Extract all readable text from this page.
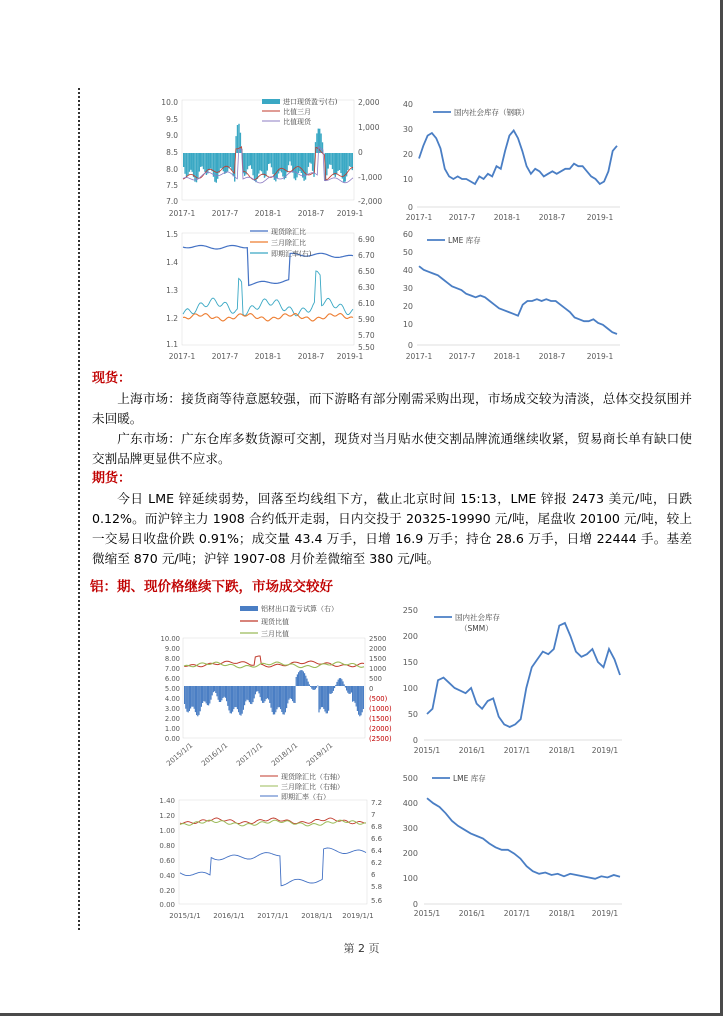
10.0
9.5
9.0
8.5
8.0
7.5
7.0
2,000
1,000
0
-1,000
-2,000
2017-1 2017-7 2018-1 2018-7 2019-1
进口现货盈亏(右)
比值三月
比值现货
40
30
20
10
0
2017-1 2017-7 2018-1 2018-7	2019-1
国内社会库存（钢联）
1.5
1.4
1.3
1.2
1.1
6.90
6.70
6.50
6.30
6.10
5.90
5.70
5.50
2017-1 2017-7 2018-1 2018-7 2019-1
现货除汇比
三月除汇比
即期汇率(右)
60
50
40
30
20
10
0
2017-1 2017-7 2018-1 2018-7	2019-1
LME 库存
现货：
上海市场：接货商等待意愿较强，而下游略有部分刚需采购出现，市场成交较为清淡，总体交投氛围并未回暖。
广东市场：广东仓库多数货源可交割，现货对当月贴水使交割品牌流通继续收紧，贸易商长单有缺口使交割品牌更显供不应求。
期货：
今日 LME 锌延续弱势，回落至均线组下方，截止北京时间 15:13，LME 锌报 2473 美元/吨，日跌 0.12%。而沪锌主力 1908 合约低开走弱，日内交投于 20325-19990 元/吨，尾盘收 20100 元/吨，较上一交易日收盘价跌 0.91%；成交量 43.4 万手，日增 16.9 万手；持仓 28.6 万手，日增 22444 手。基差微缩至 870 元/吨；沪锌 1907-08 月价差微缩至 380 元/吨。
铝：期、现价格继续下跌，市场成交较好
10.00
9.00
8.00
7.00
6.00
5.00
4.00
3.00
2.00
1.00
0.00
2500
2000
1500
1000
500
0
(500)
(1000)
(1500)
(2000)
(2500)
2015/1/1 2016/1/1 2017/1/1 2018/1/1 2019/1/1
铝材出口盈亏试算（右）
现货比值
三月比值
250
200
150
100
50
0
2015/1 2016/1 2017/1 2018/1 2019/1
国内社会库存
（SMM）
1.40
1.20
1.00
0.80
0.60
0.40
0.20
0.00
7.2
7
6.8
6.6
6.4
6.2
6
5.8
5.6
2015/1/1 2016/1/1 2017/1/1 2018/1/1 2019/1/1
现货除汇比（右轴）
三月除汇比（右轴）
即期汇率（右）
500
400
300
200
100
0
2015/1 2016/1 2017/1 2018/1 2019/1
LME 库存
第 2 页
